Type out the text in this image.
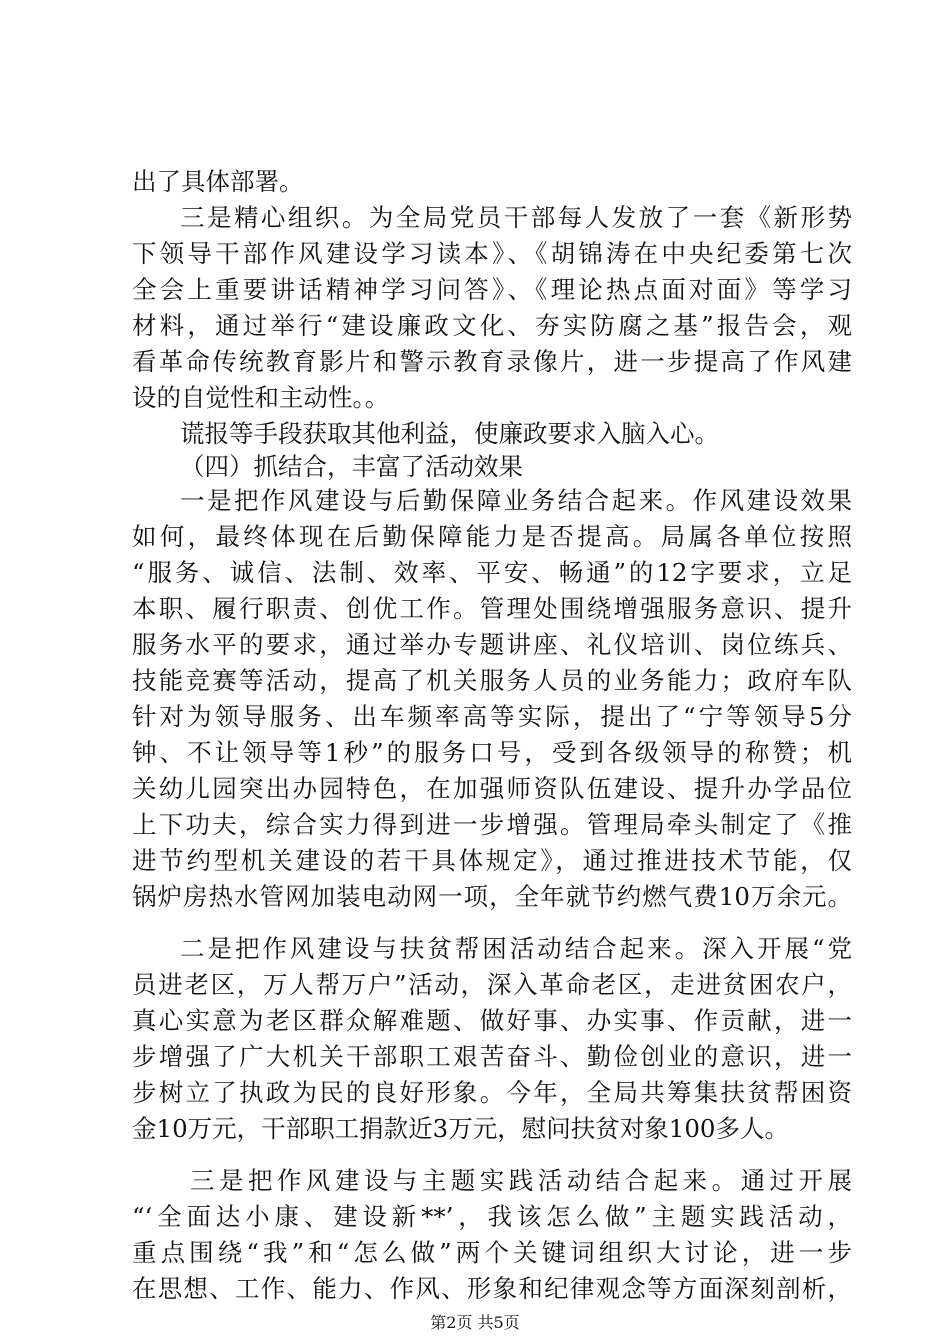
出了具体部署。
三是精心组织。为全局党员干部每人发放了一套《新形势
下领导干部作风建设学习读本》、《胡锦涛在中央纪委第七次
全会上重要讲话精神学习问答》、《理论热点面对面》等学习
材料，通过举行“建设廉政文化、夯实防腐之基”报告会，观
看革命传统教育影片和警示教育录像片，进一步提高了作风建
设的自觉性和主动性。。
谎报等手段获取其他利益，使廉政要求入脑入心。
（四）抓结合，丰富了活动效果
一是把作风建设与后勤保障业务结合起来。作风建设效果
如何，最终体现在后勤保障能力是否提高。局属各单位按照
“服务、诚信、法制、效率、平安、畅通”的12字要求，立足
本职、履行职责、创优工作。管理处围绕增强服务意识、提升
服务水平的要求，通过举办专题讲座、礼仪培训、岗位练兵、
技能竞赛等活动，提高了机关服务人员的业务能力；政府车队
针对为领导服务、出车频率高等实际，提出了“宁等领导5分
钟、不让领导等1秒”的服务口号，受到各级领导的称赞；机
关幼儿园突出办园特色，在加强师资队伍建设、提升办学品位
上下功夫，综合实力得到进一步增强。管理局牵头制定了《推
进节约型机关建设的若干具体规定》，通过推进技术节能，仅
锅炉房热水管网加装电动网一项，全年就节约燃气费10万余元。
二是把作风建设与扶贫帮困活动结合起来。深入开展“党
员进老区，万人帮万户”活动，深入革命老区，走进贫困农户，
真心实意为老区群众解难题、做好事、办实事、作贡献，进一
步增强了广大机关干部职工艰苦奋斗、勤俭创业的意识，进一
步树立了执政为民的良好形象。今年，全局共筹集扶贫帮困资
金10万元，干部职工捐款近3万元，慰问扶贫对象100多人。
三是把作风建设与主题实践活动结合起来。通过开展
“‘全面达小康、建设新**’，我该怎么做”主题实践活动，
重点围绕“我”和“怎么做”两个关键词组织大讨论，进一步
在思想、工作、能力、作风、形象和纪律观念等方面深刻剖析，
第2页 共5页
